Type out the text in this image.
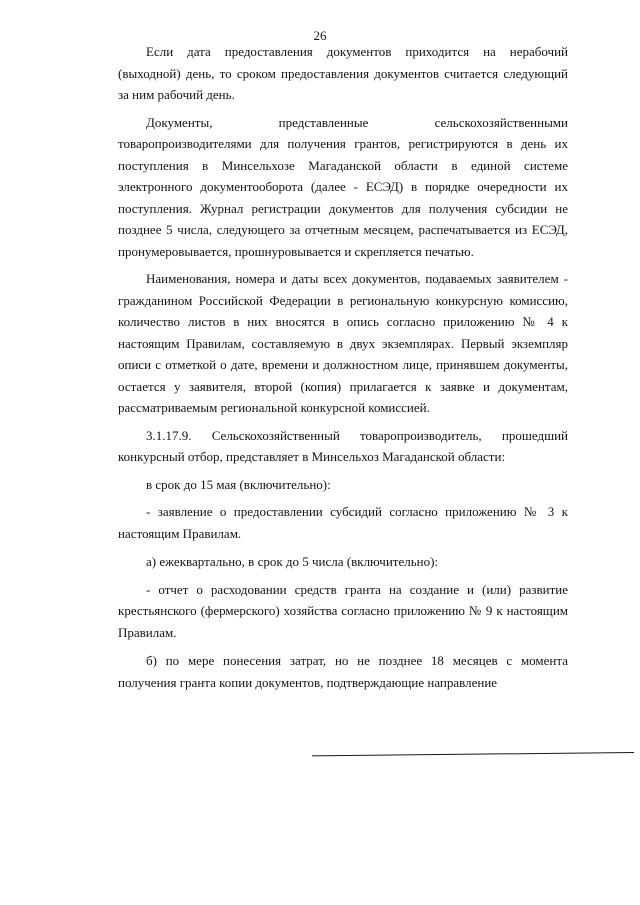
26

Если дата предоставления документов приходится на нерабочий (выходной) день, то сроком предоставления документов считается следующий за ним рабочий день.

Документы, представленные сельскохозяйственными товаропроизводителями для получения грантов, регистрируются в день их поступления в Минсельхозе Магаданской области в единой системе электронного документооборота (далее - ЕСЭД) в порядке очередности их поступления. Журнал регистрации документов для получения субсидии не позднее 5 числа, следующего за отчетным месяцем, распечатывается из ЕСЭД, пронумеровывается, прошнуровывается и скрепляется печатью.

Наименования, номера и даты всех документов, подаваемых заявителем - гражданином Российской Федерации в региональную конкурсную комиссию, количество листов в них вносятся в опись согласно приложению № 4 к настоящим Правилам, составляемую в двух экземплярах. Первый экземпляр описи с отметкой о дате, времени и должностном лице, принявшем документы, остается у заявителя, второй (копия) прилагается к заявке и документам, рассматриваемым региональной конкурсной комиссией.

3.1.17.9. Сельскохозяйственный товаропроизводитель, прошедший конкурсный отбор, представляет в Минсельхоз Магаданской области:

в срок до 15 мая (включительно):

- заявление о предоставлении субсидий согласно приложению № 3 к настоящим Правилам.

а) ежеквартально, в срок до 5 числа (включительно):

- отчет о расходовании средств гранта на создание и (или) развитие крестьянского (фермерского) хозяйства согласно приложению № 9 к настоящим Правилам.

б) по мере понесения затрат, но не позднее 18 месяцев с момента получения гранта копии документов, подтверждающие направление
